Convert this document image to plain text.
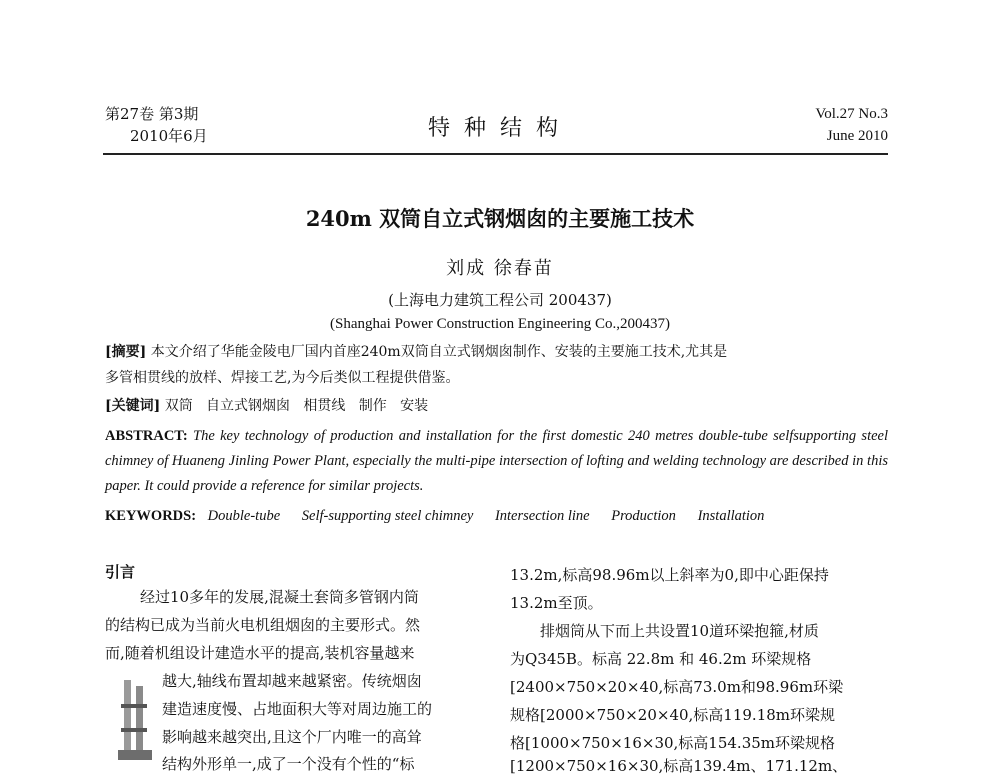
第27卷 第3期
2010年6月	特种结构
Vol.27 No.3
June 2010
240m 双筒自立式钢烟囱的主要施工技术
刘成 徐春苗
(上海电力建筑工程公司 200437)
(Shanghai Power Construction Engineering Co.,200437)
[摘要] 本文介绍了华能金陵电厂国内首座240m双筒自立式钢烟囱制作、安装的主要施工技术,尤其是
多管相贯线的放样、焊接工艺,为今后类似工程提供借鉴。
[关键词] 双筒   自立式钢烟囱   相贯线   制作   安装
ABSTRACT: The key technology of production and installation for the first domestic 240 metres double-tube selfsupporting steel chimney of Huaneng Jinling Power Plant, especially the multi-pipe intersection of lofting and welding technology are described in this paper. It could provide a reference for similar projects.
KEYWORDS: Double-tube Self-supporting steel chimney Intersection line Production Installation
引言
经过10多年的发展,混凝土套筒多管钢内筒
的结构已成为当前火电机组烟囱的主要形式。然
而,随着机组设计建造水平的提高,装机容量越来
越大,轴线布置却越来越紧密。传统烟囱
建造速度慢、占地面积大等对周边施工的
影响越来越突出,且这个厂内唯一的高耸
结构外形单一,成了一个没有个性的“标
13.2m,标高98.96m以上斜率为0,即中心距保持
13.2m至顶。
排烟筒从下而上共设置10道环梁抱箍,材质
为Q345B。标高 22.8m 和 46.2m 环梁规格
[2400×750×20×40,标高73.0m和98.96m环梁
规格[2000×750×20×40,标高119.18m环梁规
格[1000×750×16×30,标高154.35m环梁规格
[1200×750×16×30,标高139.4m、171.12m、
